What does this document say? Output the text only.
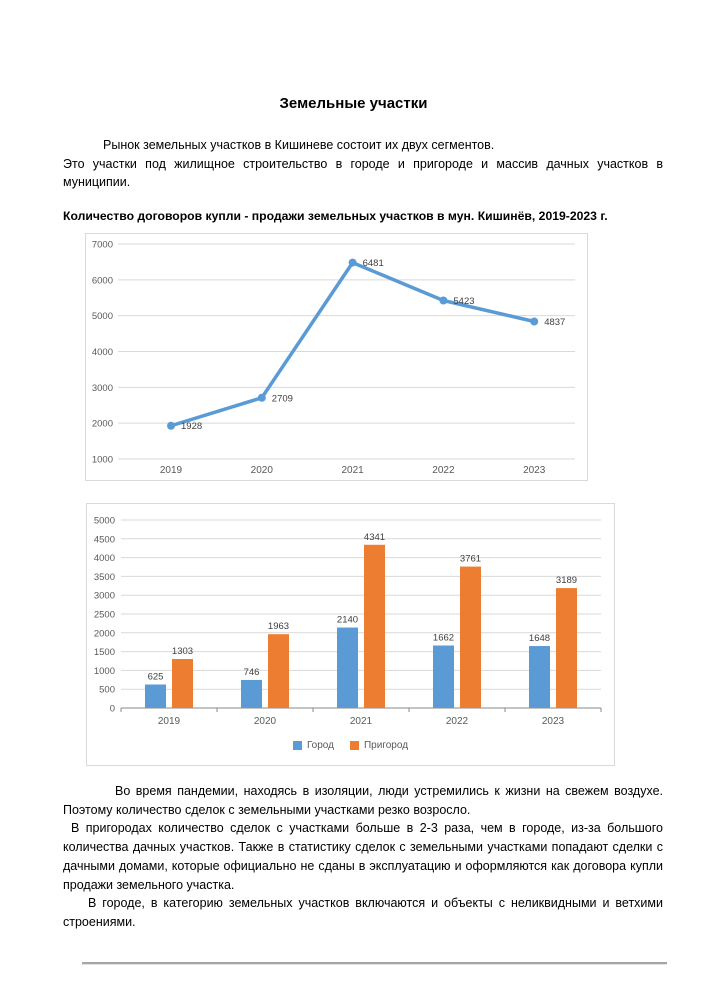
Земельные участки

Рынок земельных участков в Кишиневе состоит их двух сегментов.

Это участки под жилищное строительство в городе и пригороде и массив дачных участков в муниципии.

Количество договоров купли - продажи земельных участков в мун. Кишинёв, 2019-2023 г.
1000
2000
3000
4000
5000
6000
7000
2019	2020	2021	2022	2023
1928
2709
6481
5423
4837
0
500
1000
1500
2000
2500
3000
3500
4000
4500
5000
2019	2020	2021	2022	2023
625
1303
746
1963
2140
4341
1662
3761
1648
3189
Город	Пригород

Во время пандемии, находясь в изоляции, люди устремились к жизни на свежем воздухе. Поэтому количество сделок с земельными участками резко возросло.

В пригородах количество сделок с участками больше в 2-3 раза, чем в городе, из-за большого количества дачных участков. Также в статистику сделок с земельными участками попадают сделки с дачными домами, которые официально не сданы в эксплуатацию и оформляются как договора купли продажи земельного участка.

В городе, в категорию земельных участков включаются и объекты с неликвидными и ветхими строениями.
